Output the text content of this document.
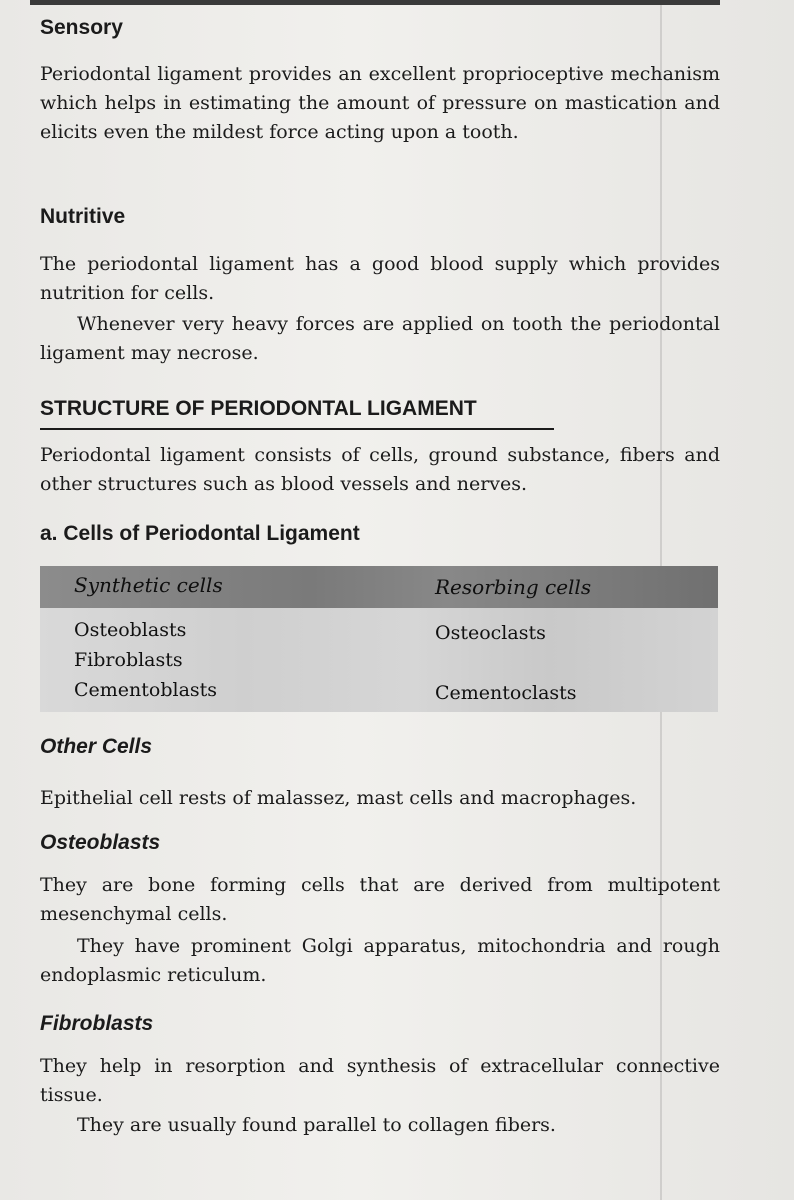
Sensory

Periodontal ligament provides an excellent proprioceptive mechanism which helps in estimating the amount of pressure on mastication and elicits even the mildest force acting upon a tooth.

Nutritive

The periodontal ligament has a good blood supply which provides nutrition for cells.

Whenever very heavy forces are applied on tooth the periodontal ligament may necrose.

STRUCTURE OF PERIODONTAL LIGAMENT

Periodontal ligament consists of cells, ground substance, fibers and other structures such as blood vessels and nerves.

a. Cells of Periodontal Ligament
Synthetic cells	Resorbing cells
Osteoblasts
Fibroblasts
Cementoblasts
Osteoclasts
Cementoclasts
Other Cells

Epithelial cell rests of malassez, mast cells and macrophages.

Osteoblasts

They are bone forming cells that are derived from multipotent mesenchymal cells.

They have prominent Golgi apparatus, mitochondria and rough endoplasmic reticulum.

Fibroblasts

They help in resorption and synthesis of extracellular connective tissue.

They are usually found parallel to collagen fibers.
